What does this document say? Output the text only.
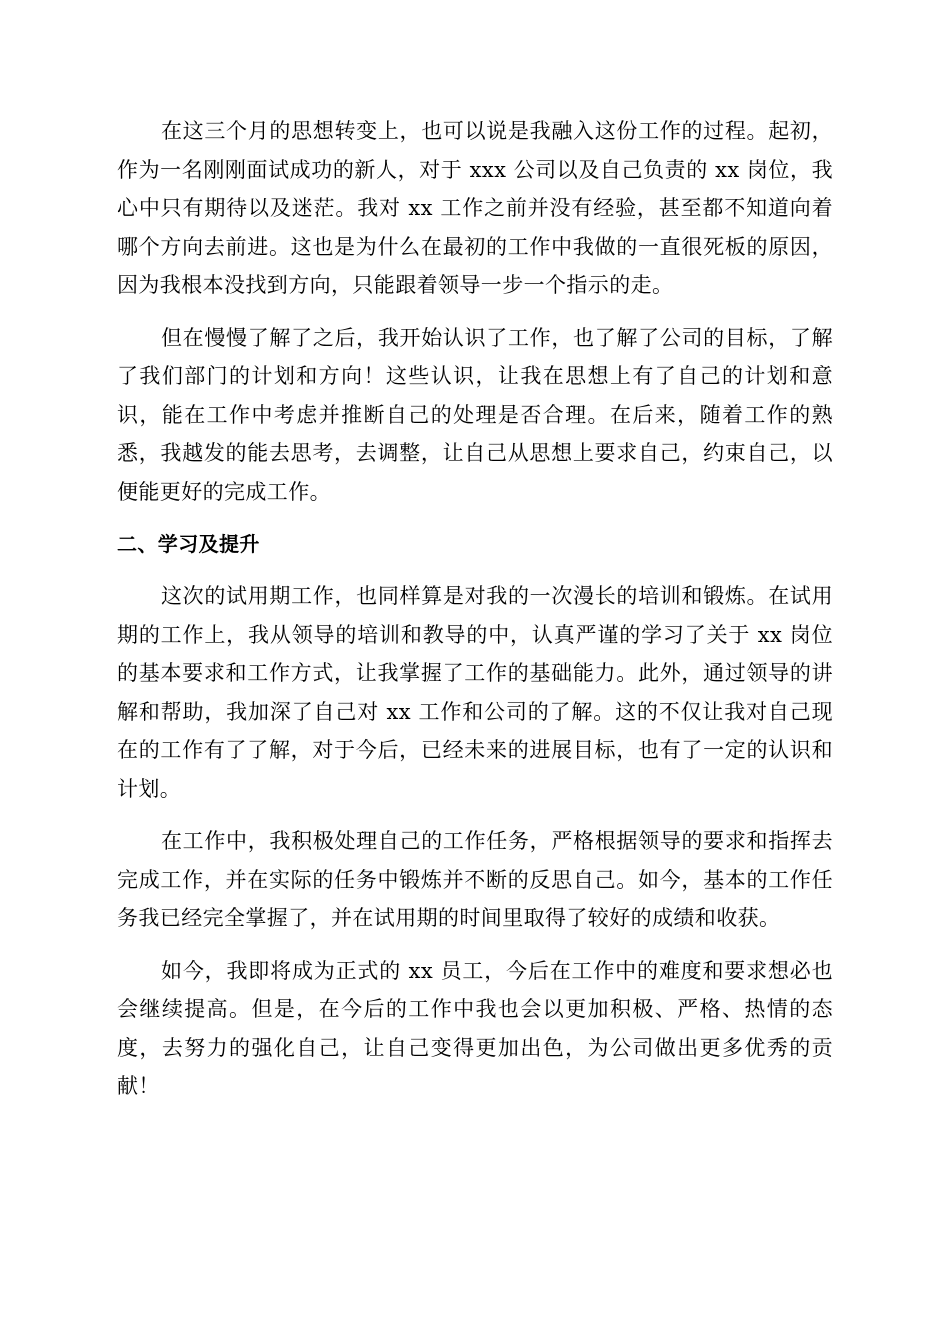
在这三个月的思想转变上，也可以说是我融入这份工作的过程。起初，作为一名刚刚面试成功的新人，对于 xxx 公司以及自己负责的 xx 岗位，我心中只有期待以及迷茫。我对 xx 工作之前并没有经验，甚至都不知道向着哪个方向去前进。这也是为什么在最初的工作中我做的一直很死板的原因，因为我根本没找到方向，只能跟着领导一步一个指示的走。

但在慢慢了解了之后，我开始认识了工作，也了解了公司的目标，了解了我们部门的计划和方向！这些认识，让我在思想上有了自己的计划和意识，能在工作中考虑并推断自己的处理是否合理。在后来，随着工作的熟悉，我越发的能去思考，去调整，让自己从思想上要求自己，约束自己，以便能更好的完成工作。

二、学习及提升

这次的试用期工作，也同样算是对我的一次漫长的培训和锻炼。在试用期的工作上，我从领导的培训和教导的中，认真严谨的学习了关于 xx 岗位的基本要求和工作方式，让我掌握了工作的基础能力。此外，通过领导的讲解和帮助，我加深了自己对 xx 工作和公司的了解。这的不仅让我对自己现在的工作有了了解，对于今后，已经未来的进展目标，也有了一定的认识和计划。

在工作中，我积极处理自己的工作任务，严格根据领导的要求和指挥去完成工作，并在实际的任务中锻炼并不断的反思自己。如今，基本的工作任务我已经完全掌握了，并在试用期的时间里取得了较好的成绩和收获。

如今，我即将成为正式的 xx 员工，今后在工作中的难度和要求想必也会继续提高。但是，在今后的工作中我也会以更加积极、严格、热情的态度，去努力的强化自己，让自己变得更加出色，为公司做出更多优秀的贡献！
